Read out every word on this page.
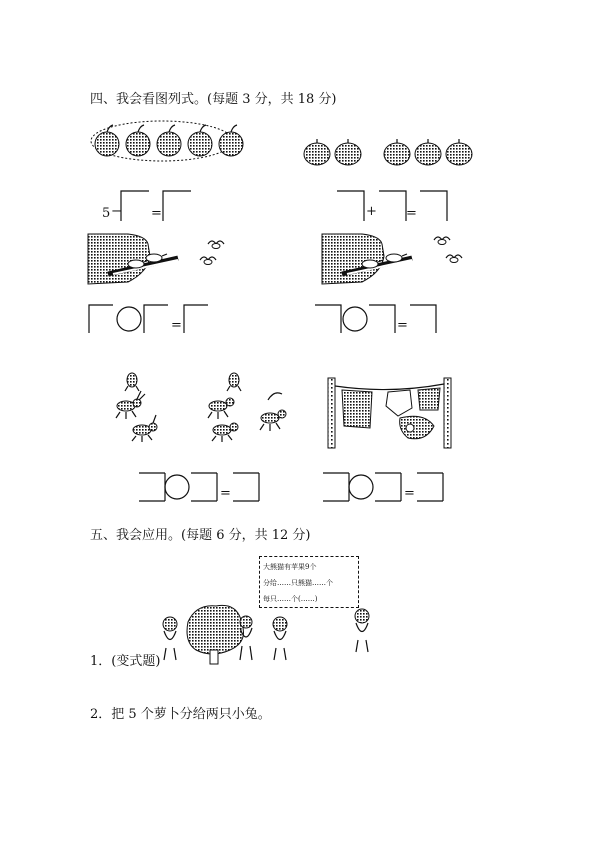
四、我会看图列式。(每题 3 分，共 18 分)
5 − =	+ =
=	=
=	=
五、我会应用。(每题 6 分，共 12 分)
大熊猫有苹果9个
分给……只熊猫……个
每只……个(……)
1．(变式题)
2．把 5 个萝卜分给两只小兔。
